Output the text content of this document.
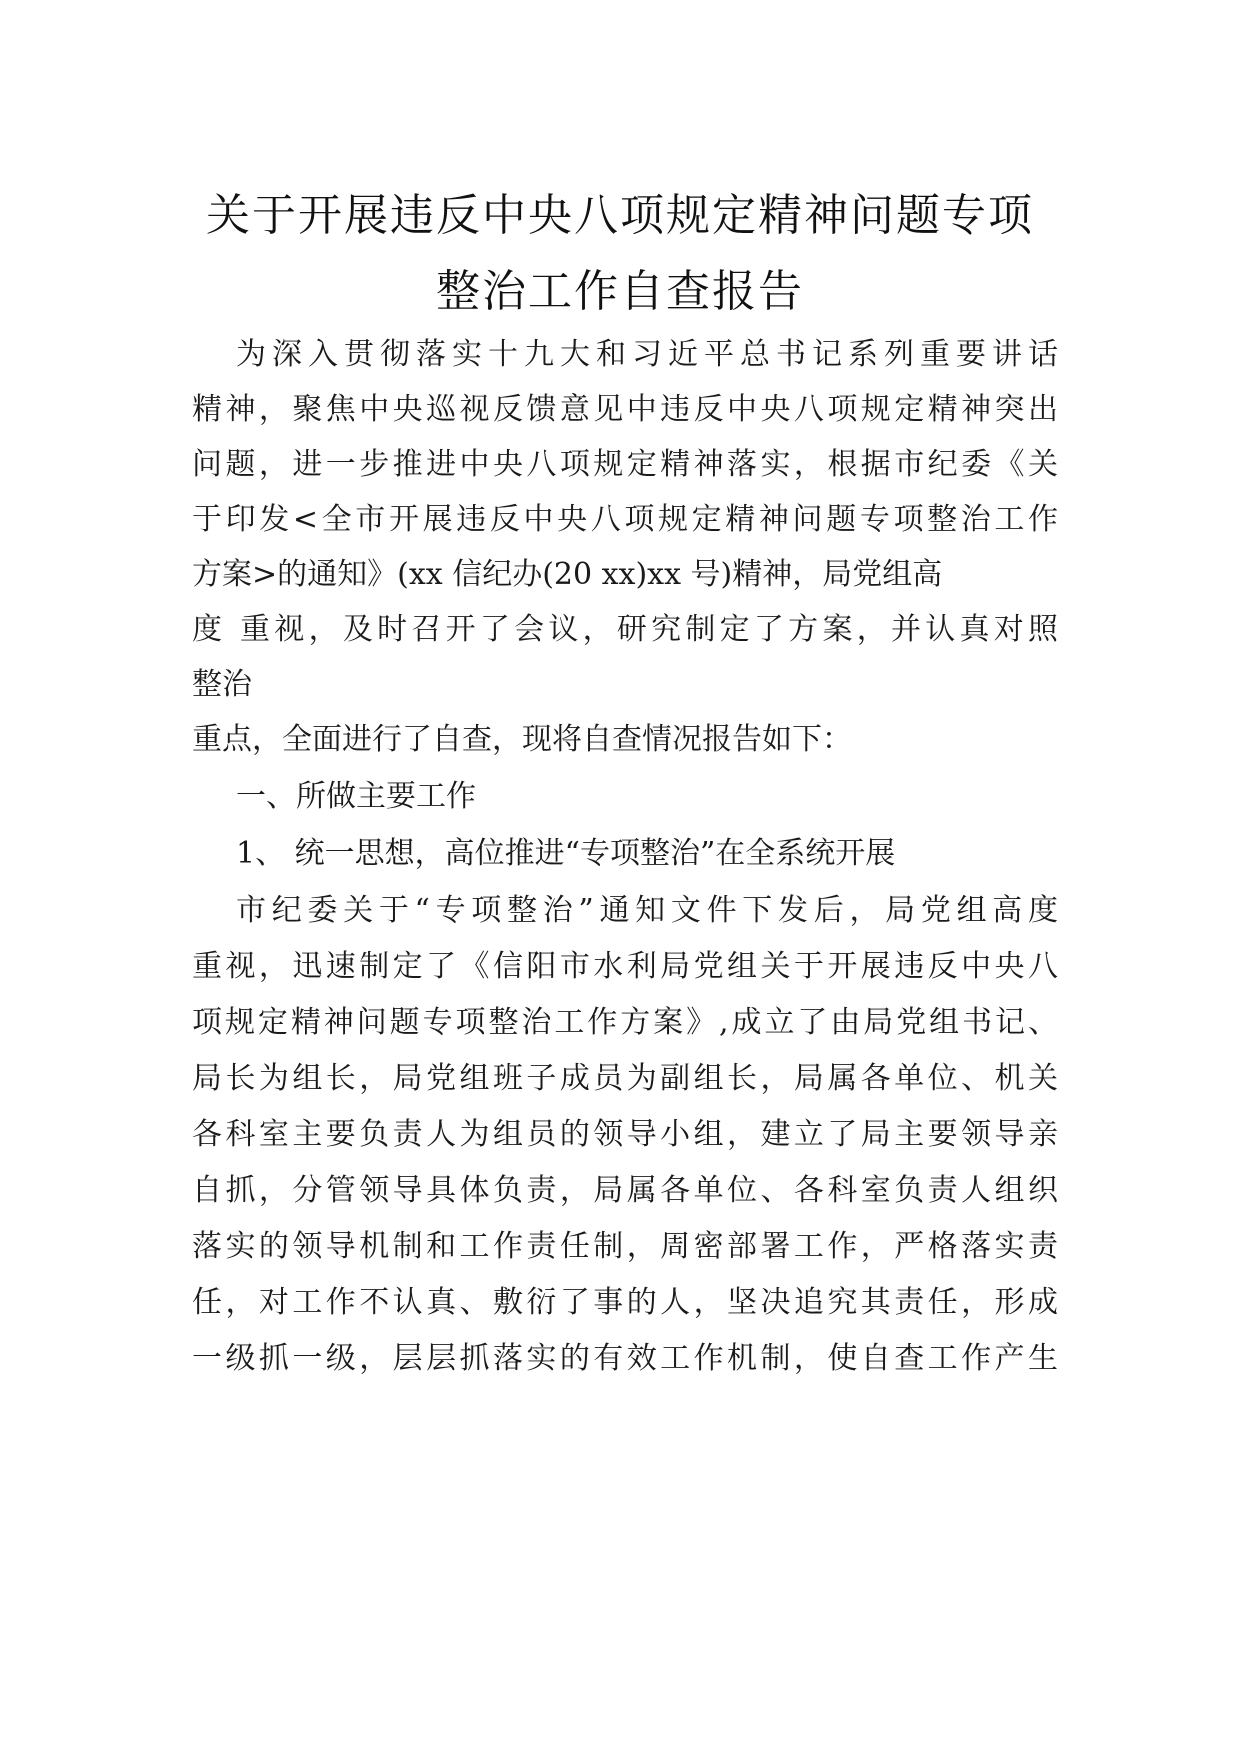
关于开展违反中央八项规定精神问题专项
整治工作自查报告
为深入贯彻落实十九大和习近平总书记系列重要讲话
精神，聚焦中央巡视反馈意见中违反中央八项规定精神突出
问题，进一步推进中央八项规定精神落实，根据市纪委《关
于印发<全市开展违反中央八项规定精神问题专项整治工作
方案>的通知》(xx 信纪办(20 xx)xx 号)精神，局党组高
度 重视，及时召开了会议，研究制定了方案，并认真对照
整治
重点，全面进行了自查，现将自查情况报告如下：
一、所做主要工作
1、 统一思想，高位推进“专项整治”在全系统开展
市纪委关于“专项整治”通知文件下发后，局党组高度
重视，迅速制定了《信阳市水利局党组关于开展违反中央八
项规定精神问题专项整治工作方案》,成立了由局党组书记、
局长为组长，局党组班子成员为副组长，局属各单位、机关
各科室主要负责人为组员的领导小组，建立了局主要领导亲
自抓，分管领导具体负责，局属各单位、各科室负责人组织
落实的领导机制和工作责任制，周密部署工作，严格落实责
任，对工作不认真、敷衍了事的人，坚决追究其责任，形成
一级抓一级，层层抓落实的有效工作机制，使自查工作产生
